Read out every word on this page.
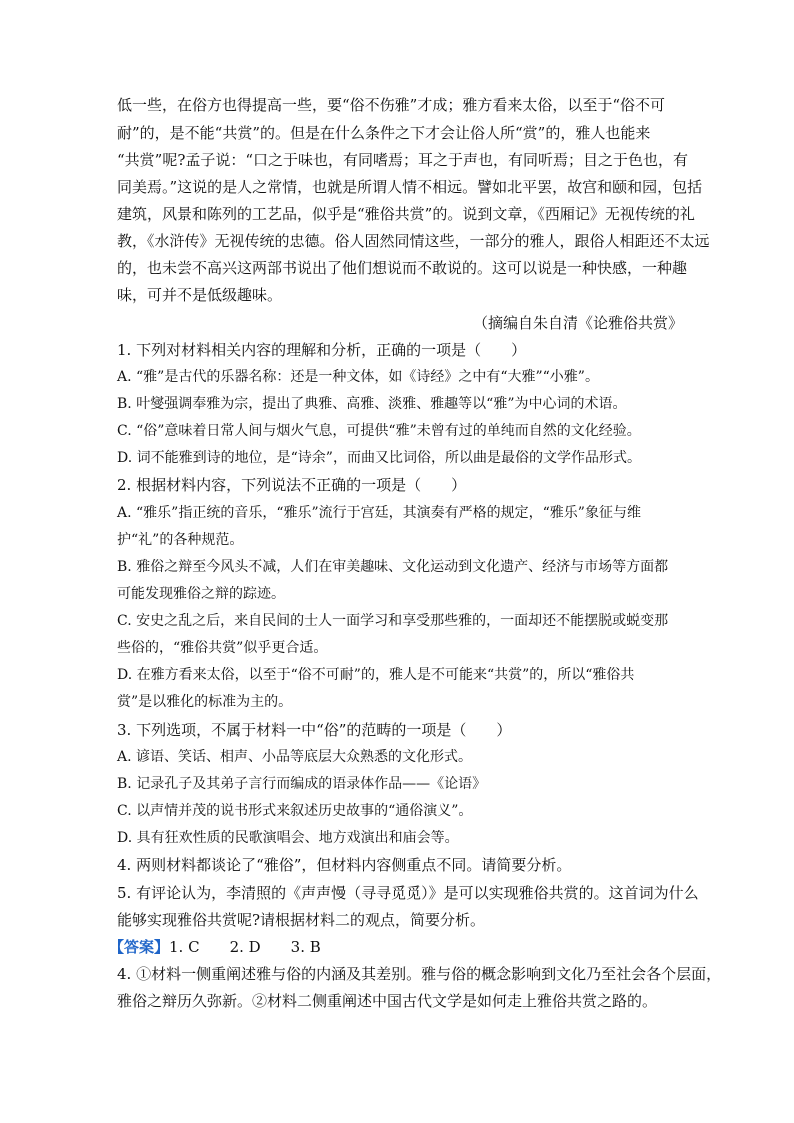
低一些，在俗方也得提高一些，要“俗不伤雅”才成；雅方看来太俗，以至于“俗不可
耐”的，是不能“共赏”的。但是在什么条件之下才会让俗人所“赏”的，雅人也能来
“共赏”呢?孟子说：“口之于味也，有同嗜焉；耳之于声也，有同听焉；目之于色也，有
同美焉。”这说的是人之常情，也就是所谓人情不相远。譬如北平罢，故宫和颐和园，包括
建筑，风景和陈列的工艺品，似乎是“雅俗共赏”的。说到文章，《西厢记》无视传统的礼
教，《水浒传》无视传统的忠德。俗人固然同情这些，一部分的雅人，跟俗人相距还不太远
的，也未尝不高兴这两部书说出了他们想说而不敢说的。这可以说是一种快感，一种趣
味，可并不是低级趣味。
（摘编自朱自清《论雅俗共赏》
1. 下列对材料相关内容的理解和分析，正确的一项是（　　）
A. “雅”是古代的乐器名称：还是一种文体，如《诗经》之中有“大雅”“小雅”。
B. 叶燮强调奉雅为宗，提出了典雅、高雅、淡雅、雅趣等以“雅”为中心词的术语。
C. “俗”意味着日常人间与烟火气息，可提供“雅”未曾有过的单纯而自然的文化经验。
D. 词不能雅到诗的地位，是“诗余”，而曲又比词俗，所以曲是最俗的文学作品形式。
2. 根据材料内容，下列说法不正确的一项是（　　）
A. “雅乐”指正统的音乐，“雅乐”流行于宫廷，其演奏有严格的规定，“雅乐”象征与维
护“礼”的各种规范。
B. 雅俗之辩至今风头不减，人们在审美趣味、文化运动到文化遗产、经济与市场等方面都
可能发现雅俗之辩的踪迹。
C. 安史之乱之后，来自民间的士人一面学习和享受那些雅的，一面却还不能摆脱或蜕变那
些俗的，“雅俗共赏”似乎更合适。
D. 在雅方看来太俗，以至于“俗不可耐”的，雅人是不可能来“共赏”的，所以“雅俗共
赏”是以雅化的标准为主的。
3. 下列选项，不属于材料一中“俗”的范畴的一项是（　　）
A. 谚语、笑话、相声、小品等底层大众熟悉的文化形式。
B. 记录孔子及其弟子言行而编成的语录体作品——《论语》
C. 以声情并茂的说书形式来叙述历史故事的“通俗演义”。
D. 具有狂欢性质的民歌演唱会、地方戏演出和庙会等。
4. 两则材料都谈论了“雅俗”，但材料内容侧重点不同。请简要分析。
5. 有评论认为，李清照的《声声慢（寻寻觅觅）》是可以实现雅俗共赏的。这首词为什么
能够实现雅俗共赏呢?请根据材料二的观点，简要分析。
【答案】1. C　　2. D　　3. B
4. ①材料一侧重阐述雅与俗的内涵及其差别。雅与俗的概念影响到文化乃至社会各个层面，
雅俗之辩历久弥新。②材料二侧重阐述中国古代文学是如何走上雅俗共赏之路的。
